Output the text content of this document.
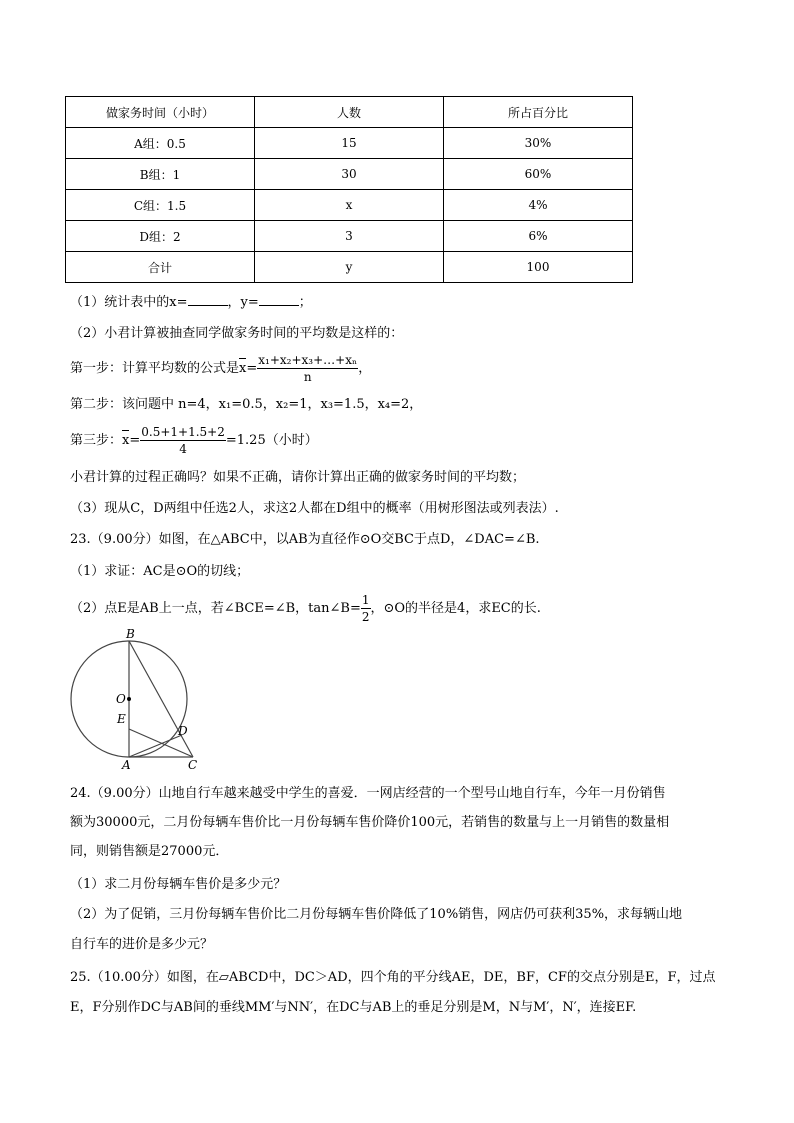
做家务时间（小时）	人数	所占百分比
A组：0.5	15	30%
B组：1	30	60%
C组：1.5	x	4%
D组：2	3	6%
合计	y	100
（1）统计表中的x=	，y=	；
（2）小君计算被抽查同学做家务时间的平均数是这样的：
第一步：计算平均数的公式是$x= \frac{\text{x₁+x₂+x₃+…+xₙ}}{n}$ ，
第二步：该问题中 n=4，x₁=0.5，x₂=1，x₃=1.5，x₄=2，
第三步：$x= \frac{0.5+1+1.5+2}{4} =1.25$（小时）
小君计算的过程正确吗？如果不正确，请你计算出正确的做家务时间的平均数；
（3）现从C，D两组中任选2人，求这2人都在D组中的概率（用树形图法或列表法）.
23.（9.00分）如图，在△ABC中，以AB为直径作⊙O交BC于点D，∠DAC=∠B.
（1）求证：AC是⊙O的切线；
（2）点E是AB上一点，若∠BCE=∠B，tan∠B= $\frac{1}{2}$ ，⊙O的半径是4，求EC的长.
B
O
E
D
A	C
24.（9.00分）山地自行车越来越受中学生的喜爱．一网店经营的一个型号山地自行车，今年一月份销售
额为30000元，二月份每辆车售价比一月份每辆车售价降价100元，若销售的数量与上一月销售的数量相
同，则销售额是27000元．
（1）求二月份每辆车售价是多少元？
（2）为了促销，三月份每辆车售价比二月份每辆车售价降低了10%销售，网店仍可获利35%，求每辆山地
自行车的进价是多少元？
25.（10.00分）如图，在▱ABCD中，DC＞AD，四个角的平分线AE，DE，BF，CF的交点分别是E，F，过点
E，F分别作DC与AB间的垂线MM′与NN′，在DC与AB上的垂足分别是M，N与M′，N′，连接EF.
